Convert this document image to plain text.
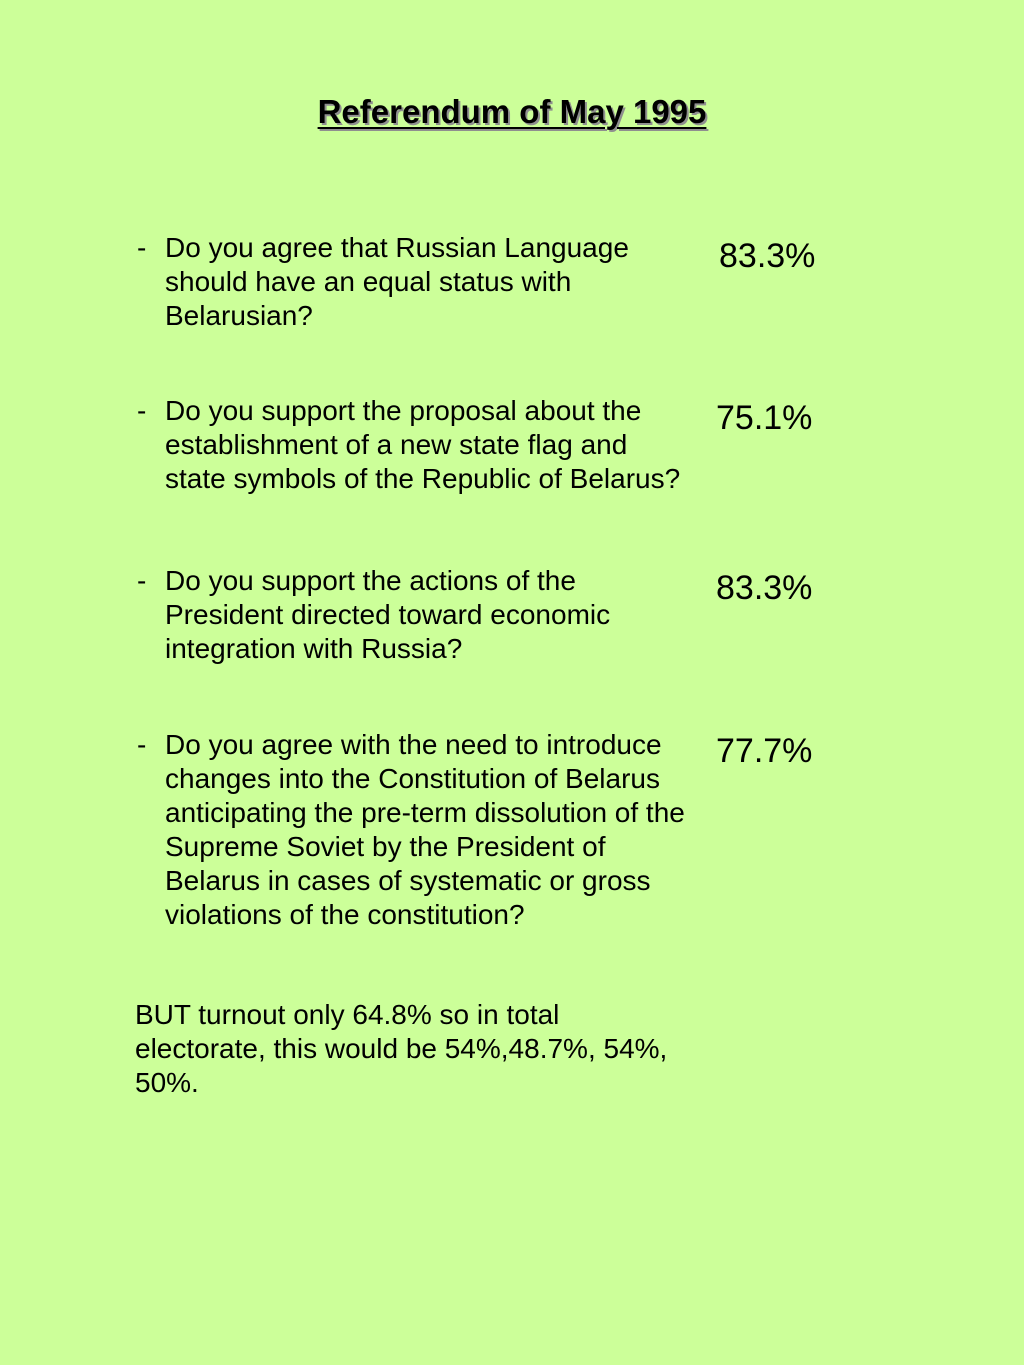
Referendum of May 1995
- Do you agree that Russian Language should have an equal status with Belarusian?
83.3%
- Do you support the proposal about the establishment of a new state flag and state symbols of the Republic of Belarus?
75.1%
- Do you support the actions of the President directed toward economic integration with Russia?
83.3%
- Do you agree with the need to introduce changes into the Constitution of Belarus anticipating the pre-term dissolution of the Supreme Soviet by the President of Belarus in cases of systematic or gross violations of the constitution?
77.7%
BUT turnout only 64.8% so in total electorate, this would be 54%,48.7%, 54%, 50%.
